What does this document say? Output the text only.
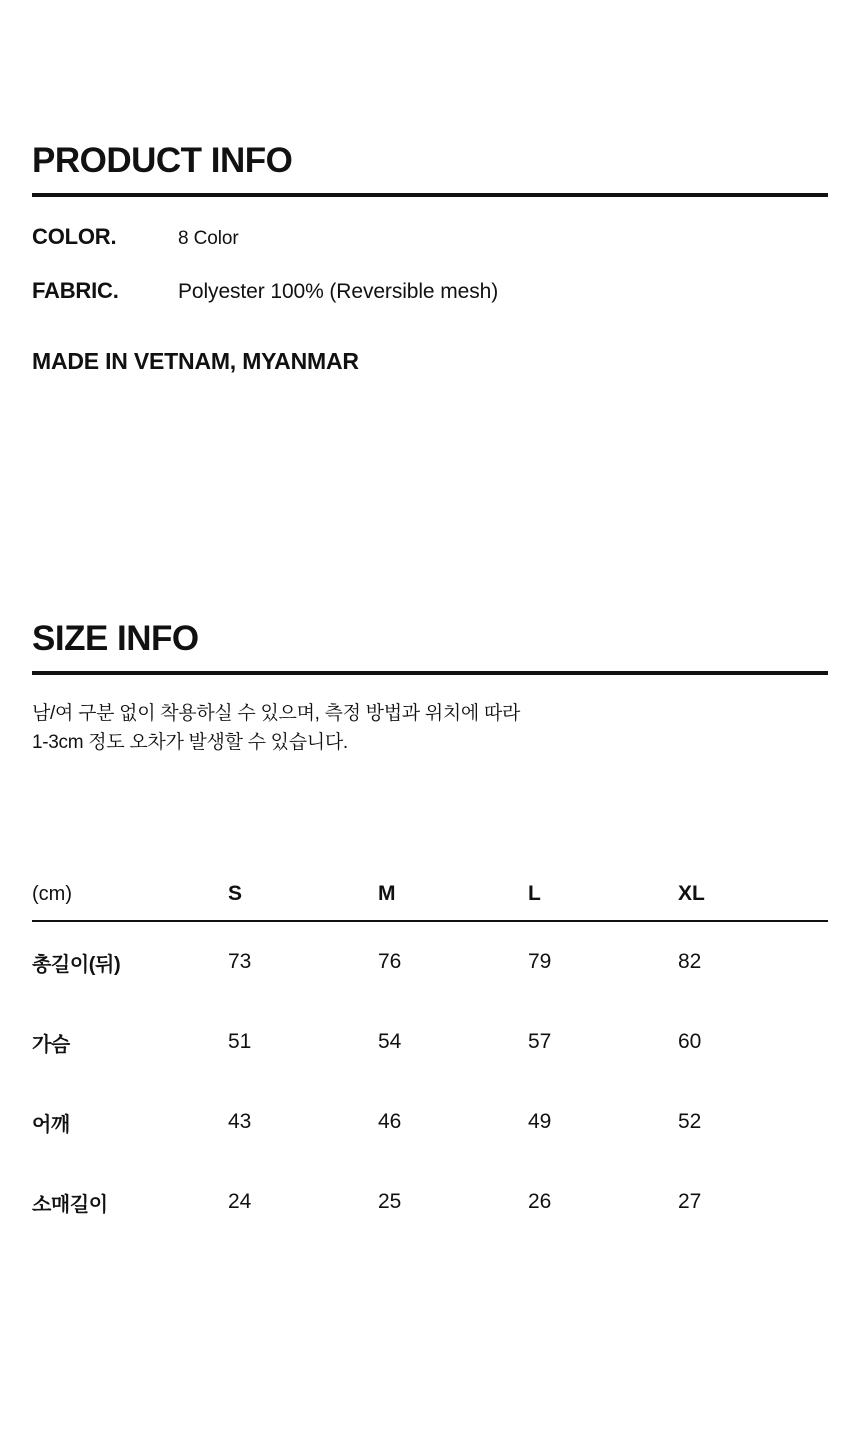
PRODUCT INFO
COLOR.	8 Color
FABRIC.	Polyester 100% (Reversible mesh)
MADE IN VETNAM, MYANMAR
SIZE INFO
남/여 구분 없이 착용하실 수 있으며, 측정 방법과 위치에 따라
1-3cm 정도 오차가 발생할 수 있습니다.
(cm)	S	M	L	XL
총길이(뒤)	73	76	79	82
가슴	51	54	57	60
어깨	43	46	49	52
소매길이	24	25	26	27
